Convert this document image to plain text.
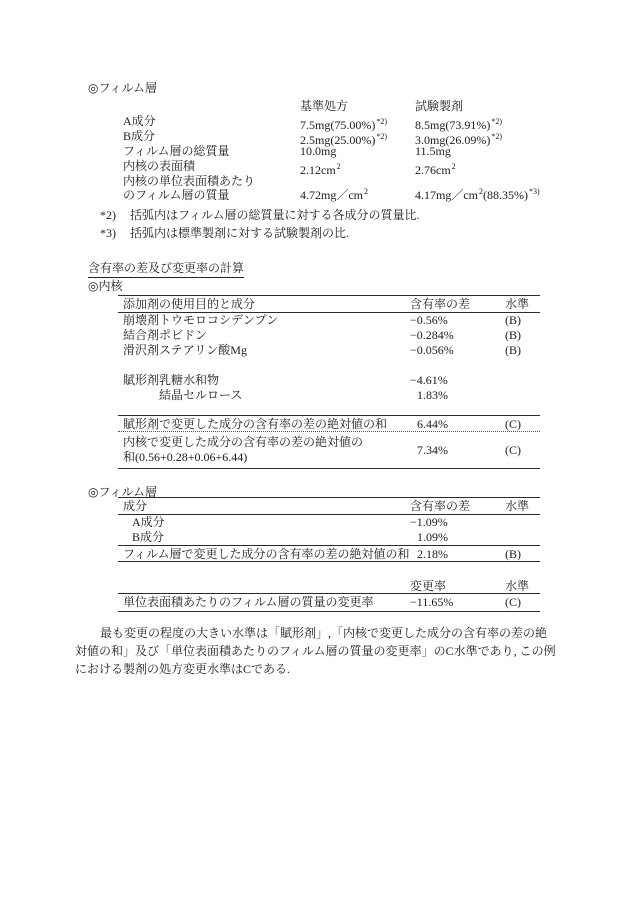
◎フィルム層
基準処方	試験製剤
A成分	$7.5mg(75.00\%)^{*2)}$	$8.5mg(73.91\%)^{*2)}$
B成分	$2.5mg(25.00\%)^{*2)}$	$3.0mg(26.09\%)^{*2)}$
フィルム層の総質量	10.0mg	11.5mg
内核の表面積	$2.12cm^2$	$2.76cm^2$
内核の単位表面積あたり
のフィルム層の質量	$4.72mg/cm^2$	$4.17mg/cm^2(88.35\%)^{*3)}$
*2)	括弧内はフィルム層の総質量に対する各成分の質量比.
*3)	括弧内は標準製剤に対する試験製剤の比.
含有率の差及び変更率の計算
◎内核
添加剤の使用目的と成分	含有率の差	水準
崩壊剤トウモロコシデンプン	−0.56%	(B)
結合剤ポビドン	−0.284%	(B)
滑沢剤ステアリン酸Mg	−0.056%	(B)
賦形剤乳糖水和物	−4.61%
結晶セルロース	1.83%
賦形剤で変更した成分の含有率の差の絶対値の和	6.44%	(C)
内核で変更した成分の含有率の差の絶対値の
和(0.56+0.28+0.06+6.44)
7.34%	(C)
◎フィルム層
成分	含有率の差	水準
A成分	−1.09%
B成分	1.09%
フィルム層で変更した成分の含有率の差の絶対値の和 2.18%	(B)
変更率	水準
単位表面積あたりのフィルム層の質量の変更率	−11.65%	(C)

最も変更の程度の大きい水準は「賦形剤」,「内核で変更した成分の含有率の差の絶対値の和」及び「単位表面積あたりのフィルム層の質量の変更率」のC水準であり, この例における製剤の処方変更水準はCである.
